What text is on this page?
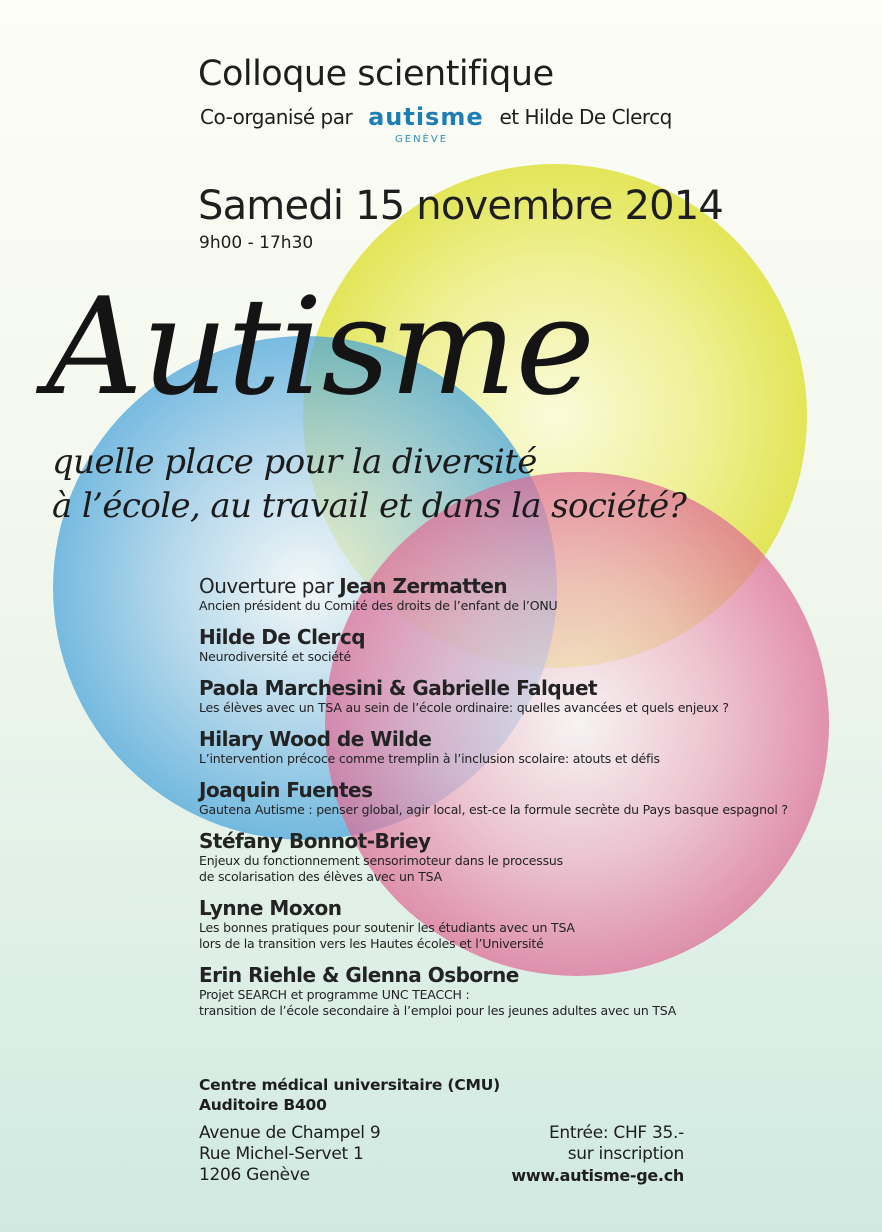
Colloque scientifique
Co-organisé par autisme et Hilde De Clercq
GENÈVE
Samedi 15 novembre 2014
9h00 - 17h30
Autisme
quelle place pour la diversité
à l’école, au travail et dans la société?
Ouverture par Jean Zermatten
Ancien président du Comité des droits de l’enfant de l’ONU
Hilde De Clercq
Neurodiversité et société
Paola Marchesini & Gabrielle Falquet
Les élèves avec un TSA au sein de l’école ordinaire: quelles avancées et quels enjeux ?
Hilary Wood de Wilde
L’intervention précoce comme tremplin à l’inclusion scolaire: atouts et défis
Joaquin Fuentes
Gautena Autisme : penser global, agir local, est-ce la formule secrète du Pays basque espagnol ?
Stéfany Bonnot-Briey
Enjeux du fonctionnement sensorimoteur dans le processus
de scolarisation des élèves avec un TSA
Lynne Moxon
Les bonnes pratiques pour soutenir les étudiants avec un TSA
lors de la transition vers les Hautes écoles et l’Université
Erin Riehle & Glenna Osborne
Projet SEARCH et programme UNC TEACCH :
transition de l’école secondaire à l’emploi pour les jeunes adultes avec un TSA
Centre médical universitaire (CMU)
Auditoire B400
Avenue de Champel 9
Rue Michel-Servet 1
1206 Genève
Entrée: CHF 35.-
sur inscription
www.autisme-ge.ch
